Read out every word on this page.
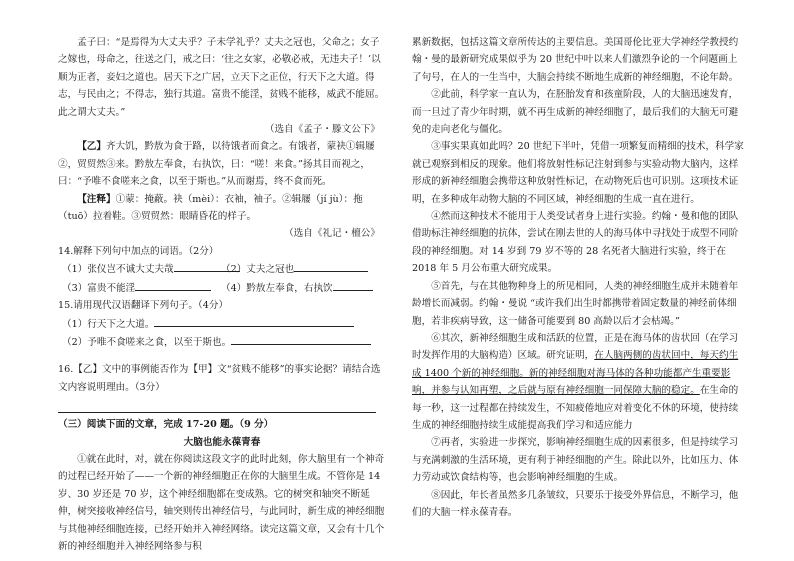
孟子曰：“是焉得为大丈夫乎？子未学礼乎？丈夫之冠也，父命之；女子之嫁也，母命之，往送之门，戒之曰：‘往之女家，必敬必戒，无违夫子！’以顺为正者，妾妇之道也。居天下之广居，立天下之正位，行天下之大道。得志，与民由之；不得志，独行其道。富贵不能淫，贫贱不能移，威武不能屈。此之谓大丈夫。”

（选自《孟子・滕文公下》

【乙】齐大饥，黔敖为食于路，以待饿者而食之。有饿者，蒙袂①辑屦②，贸贸然③来。黔敖左奉食，右执饮，曰：“嗟！来食。”扬其目而视之，曰：“予唯不食嗟来之食，以至于斯也。”从而谢焉，终不食而死。

【注释】①蒙：掩蔽。袂（mèi）：衣袖，袖子。②辑屦（jí jù）：拖（tuō）拉着鞋。③贸贸然：眼睛昏花的样子。

（选自《礼记・檀公》

14.解释下列句中加点的词语。（2分）

（1）张仪岂不诚大丈夫哉	（2）丈夫之冠也
（3）富贵不能淫	（4）黔敖左奉食，右执饮

15.请用现代汉语翻译下列句子。（4分）

（1）行天下之大道。

（2）予唯不食嗟来之食，以至于斯也。

16.【乙】文中的事例能否作为【甲】文“贫贱不能移”的事实论据？请结合选文内容说明理由。（3分）

（三）阅读下面的文章，完成 17-20 题。（9 分）

大脑也能永葆青春

①就在此时，对，就在你阅读这段文字的此时此刻，你大脑里有一个神奇的过程已经开始了——一个新的神经细胞正在你的大脑里生成。不管你是 14 岁、30 岁还是 70 岁，这个神经细胞都在变成熟。它的树突和轴突不断延伸，树突接收神经信号，轴突则传出神经信号，与此同时，新生成的神经细胞与其他神经细胞连接，已经开始并入神经网络。读完这篇文章，又会有十几个新的神经细胞并入神经网络参与积

累新数据，包括这篇文章所传达的主要信息。美国哥伦比亚大学神经学教授约翰・曼的最新研究成果似乎为 20 世纪中叶以来人们激烈争论的一个问题画上了句号，在人的一生当中，大脑会持续不断地生成新的神经细胞，不论年龄。

②此前，科学家一直认为，在胚胎发育和孩童阶段，人的大脑迅速发育，而一旦过了青少年时期，就不再生成新的神经细胞了，最后我们的大脑无可避免的走向老化与僵化。

③事实果真如此吗？20 世纪下半叶，凭借一项繁复而精细的技术，科学家就已观察到相反的现象。他们将放射性标记注射到参与实验动物大脑内，这样形成的新神经细胞会携带这种放射性标记，在动物死后也可识别。这项技术证明，在多种成年动物大脑的不同区域，神经细胞的生成一直在进行。

④然而这种技术不能用于人类受试者身上进行实验。约翰・曼和他的团队借助标注神经细胞的抗体，尝试在刚去世的人的海马体中寻找处于成型不同阶段的神经细胞。对 14 岁到 79 岁不等的 28 名死者大脑进行实验，终于在 2018 年 5 月公布重大研究成果。

⑤首先，与在其他物种身上的所见相同，人类的神经细胞生成并未随着年龄增长而减弱。约翰・曼说 “或许我们出生时都携带着固定数量的神经前体细胞，若非疾病导致，这一储备可能要到 80 高龄以后才会枯竭。”

⑥其次，新神经细胞生成和活跃的位置，正是在海马体的齿状回（在学习时发挥作用的大脑构造）区域。研究证明，在人脑两侧的齿状回中，每天约生成 1400 个新的神经细胞。新的神经细胞对海马体的各种功能都产生重要影响，并参与认知再塑，之后就与原有神经细胞一同保障大脑的稳定。在生命的每一秒，这一过程都在持续发生，不知疲倦地应对着变化不休的环境，使持续生成的神经细胞持续生成能提高我们学习和适应能力

⑦再者，实验进一步探究，影响神经细胞生成的因素很多，但是持续学习与充满刺激的生活环境，更有利于神经细胞的产生。除此以外，比如压力、体力劳动或饮食结构等，也会影响神经细胞的生成。

⑧因此，年长者虽然多几条皱纹，只要乐于接受外界信息，不断学习，他们的大脑一样永葆青春。
